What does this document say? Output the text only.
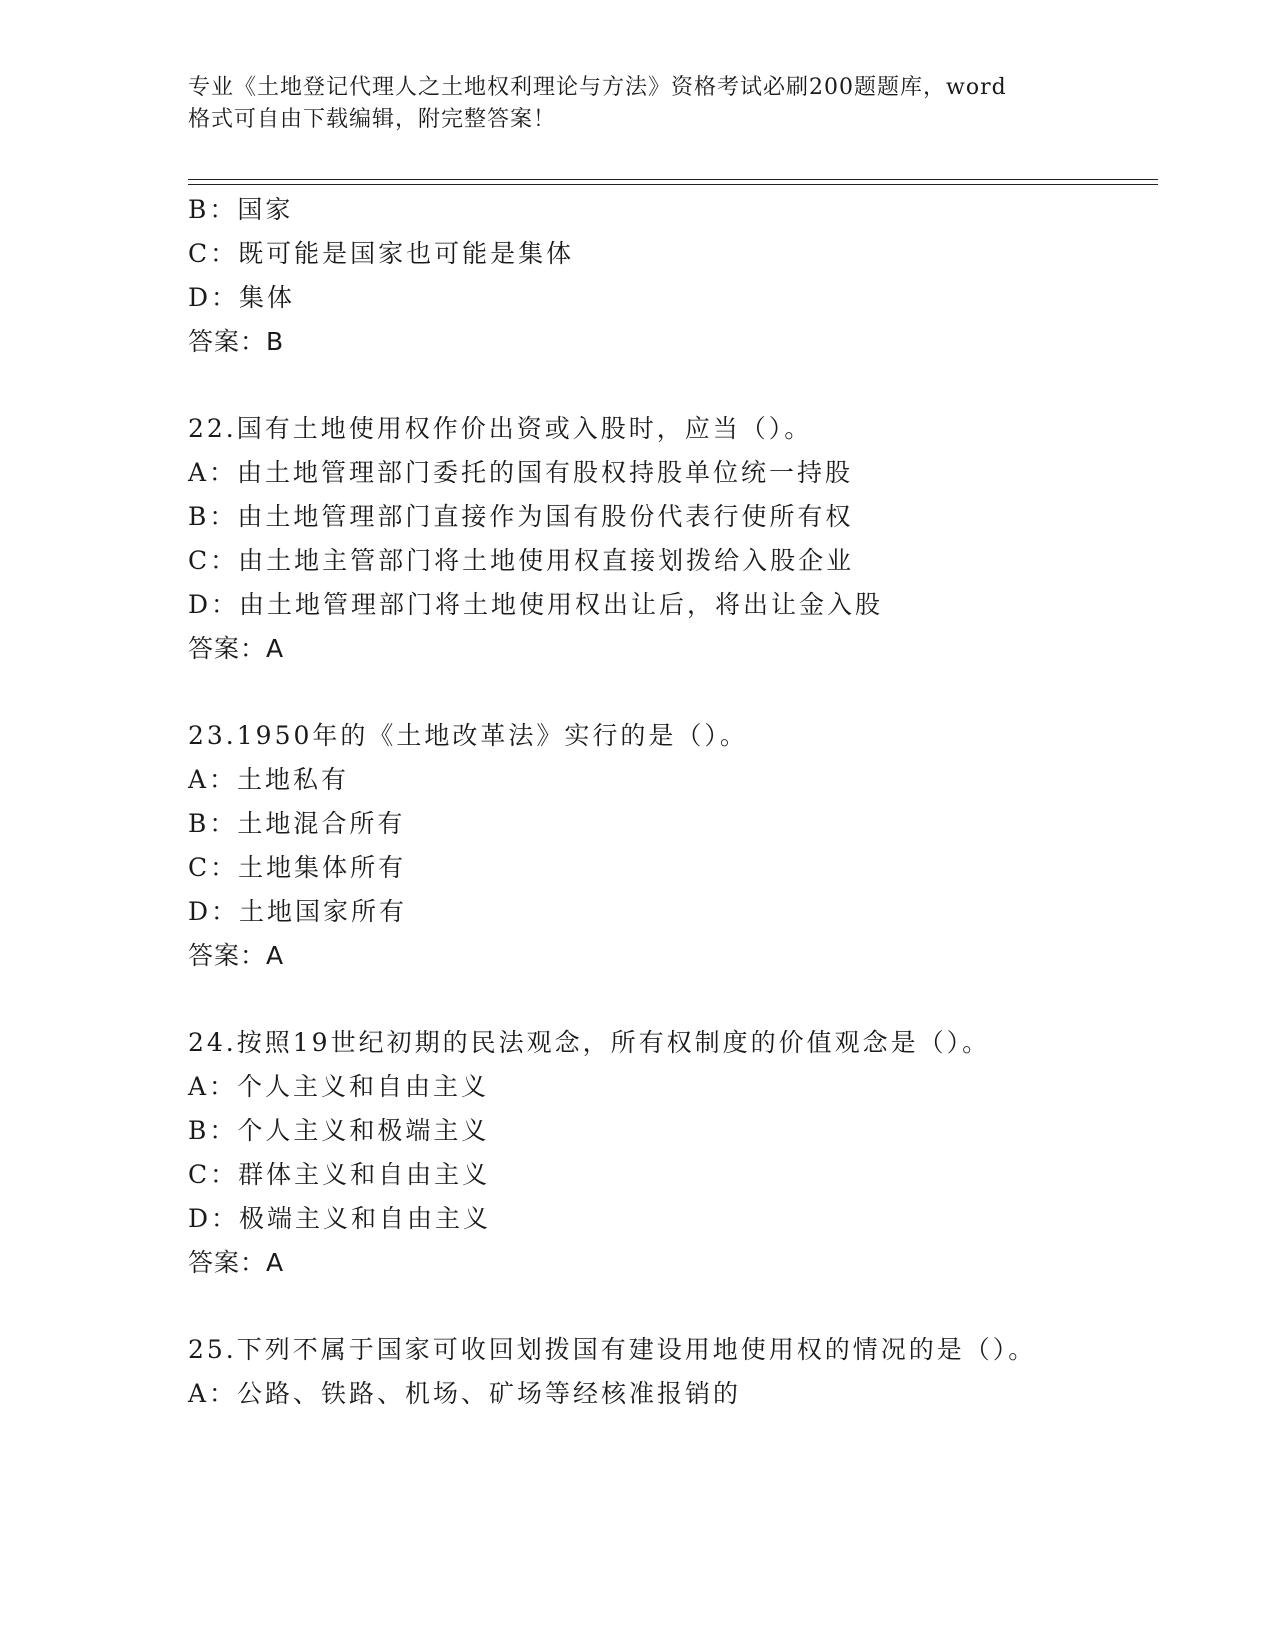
专业《土地登记代理人之土地权利理论与方法》资格考试必刷200题题库，word
格式可自由下载编辑，附完整答案！
B：国家
C：既可能是国家也可能是集体
D：集体
答案：B
22.国有土地使用权作价出资或入股时，应当（）。
A：由土地管理部门委托的国有股权持股单位统一持股
B：由土地管理部门直接作为国有股份代表行使所有权
C：由土地主管部门将土地使用权直接划拨给入股企业
D：由土地管理部门将土地使用权出让后，将出让金入股
答案：A
23.1950年的《土地改革法》实行的是（）。
A：土地私有
B：土地混合所有
C：土地集体所有
D：土地国家所有
答案：A
24.按照19世纪初期的民法观念，所有权制度的价值观念是（）。
A：个人主义和自由主义
B：个人主义和极端主义
C：群体主义和自由主义
D：极端主义和自由主义
答案：A
25.下列不属于国家可收回划拨国有建设用地使用权的情况的是（）。
A：公路、铁路、机场、矿场等经核准报销的
